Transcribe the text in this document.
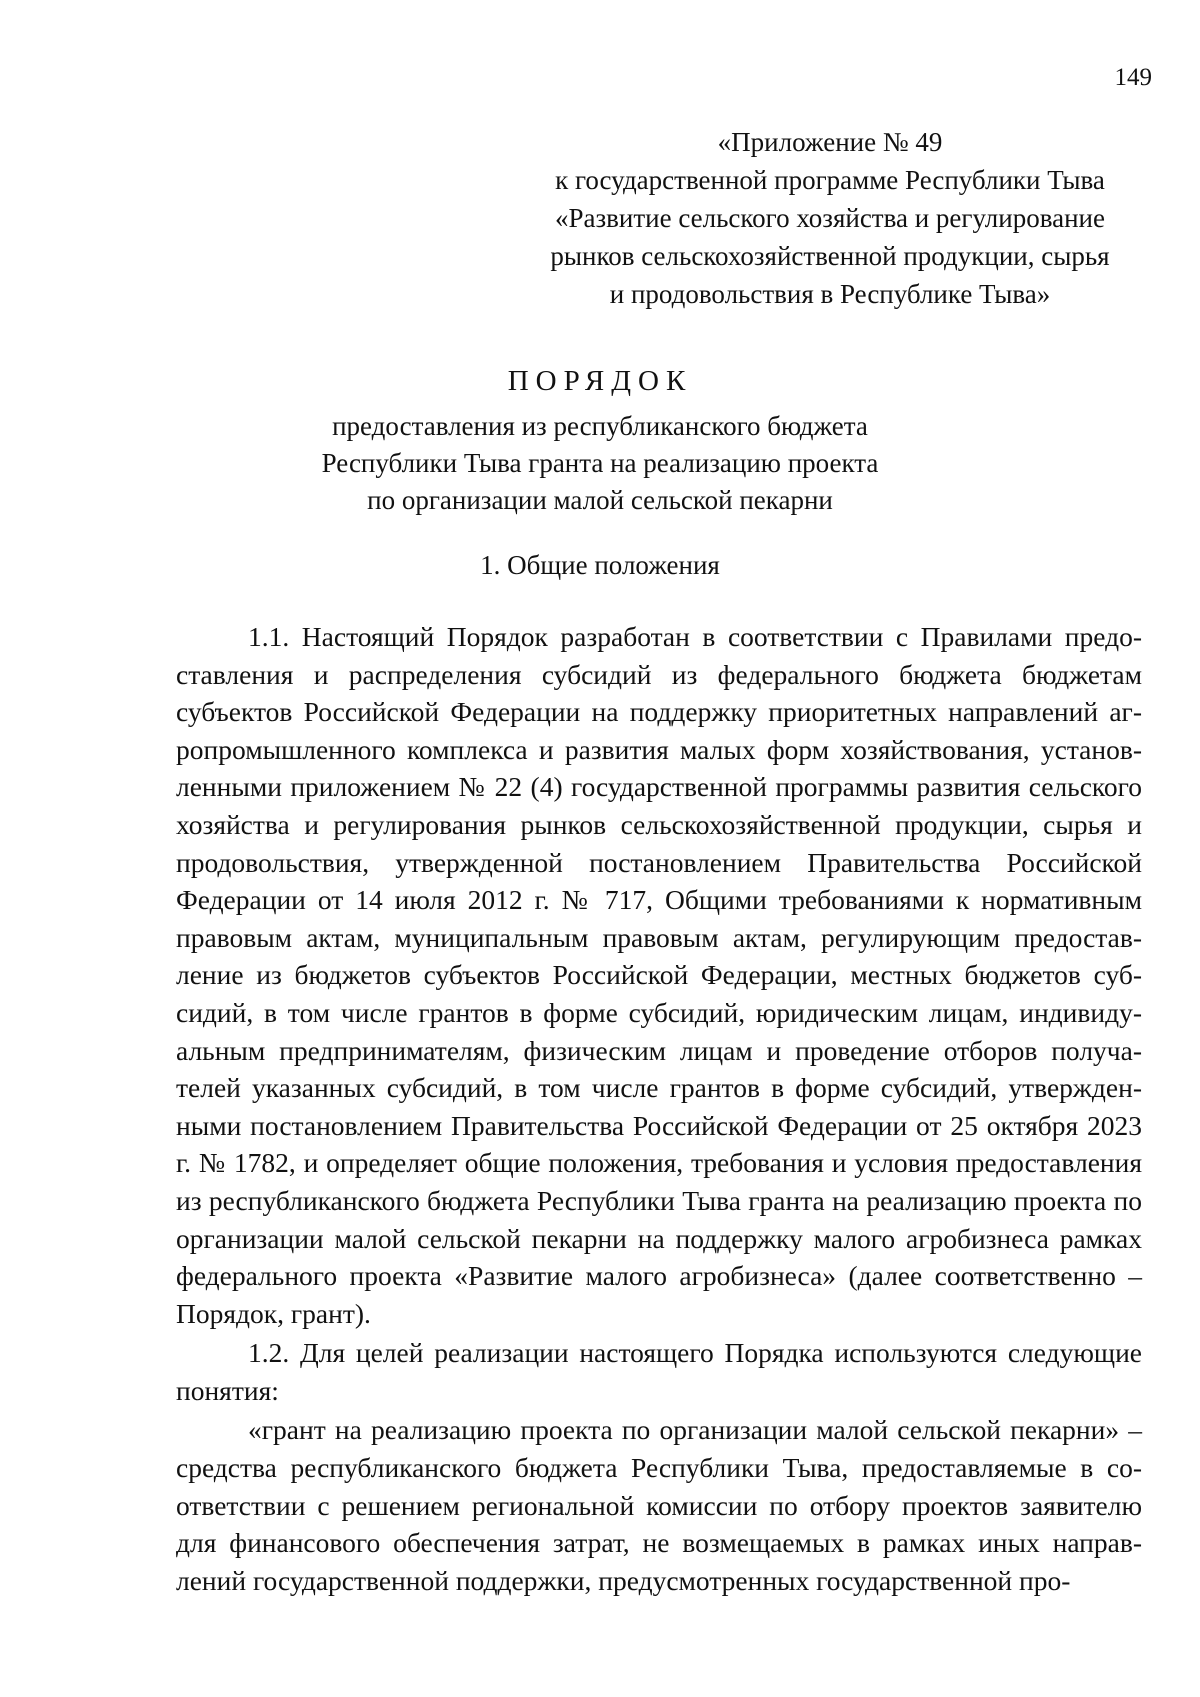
149
«Приложение № 49
к государственной программе Республики Тыва
«Развитие сельского хозяйства и регулирование
рынков сельскохозяйственной продукции, сырья
и продовольствия в Республике Тыва»
ПОРЯДОК
предоставления из республиканского бюджета
Республики Тыва гранта на реализацию проекта
по организации малой сельской пекарни
1. Общие положения

1.1. Настоящий Порядок разработан в соответствии с Правилами предоставления и распределения субсидий из федерального бюджета бюджетам субъектов Российской Федерации на поддержку приоритетных направлений агропромышленного комплекса и развития малых форм хозяйствования, установленными приложением № 22 (4) государственной программы развития сельского хозяйства и регулирования рынков сельскохозяйственной продукции, сырья и продовольствия, утвержденной постановлением Правительства Российской Федерации от 14 июля 2012 г. № 717, Общими требованиями к нормативным правовым актам, муниципальным правовым актам, регулирующим предоставление из бюджетов субъектов Российской Федерации, местных бюджетов субсидий, в том числе грантов в форме субсидий, юридическим лицам, индивидуальным предпринимателям, физическим лицам и проведение отборов получателей указанных субсидий, в том числе грантов в форме субсидий, утвержденными постановлением Правительства Российской Федерации от 25 октября 2023 г. № 1782, и определяет общие положения, требования и условия предоставления из республиканского бюджета Республики Тыва гранта на реализацию проекта по организации малой сельской пекарни на поддержку малого агробизнеса рамках федерального проекта «Развитие малого агробизнеса» (далее соответственно – Порядок, грант).

1.2. Для целей реализации настоящего Порядка используются следующие понятия:

«грант на реализацию проекта по организации малой сельской пекарни» – средства республиканского бюджета Республики Тыва, предоставляемые в соответствии с решением региональной комиссии по отбору проектов заявителю для финансового обеспечения затрат, не возмещаемых в рамках иных направлений государственной поддержки, предусмотренных государственной про-
